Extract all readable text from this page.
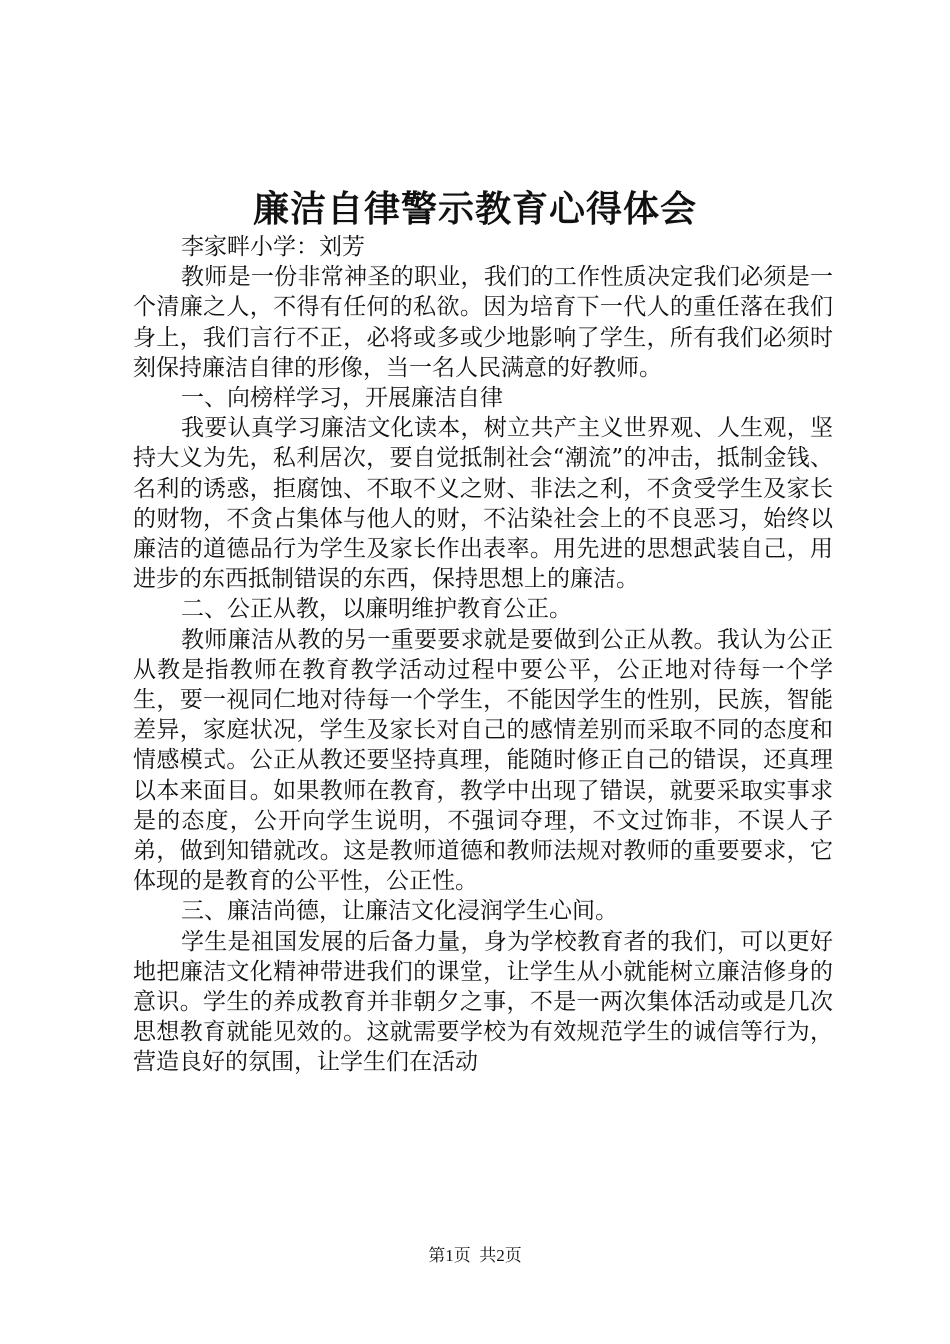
廉洁自律警示教育心得体会

李家畔小学：刘芳

教师是一份非常神圣的职业，我们的工作性质决定我们必须是一个清廉之人，不得有任何的私欲。因为培育下一代人的重任落在我们身上，我们言行不正，必将或多或少地影响了学生，所有我们必须时刻保持廉洁自律的形像，当一名人民满意的好教师。

一、向榜样学习，开展廉洁自律

我要认真学习廉洁文化读本，树立共产主义世界观、人生观，坚持大义为先，私利居次，要自觉抵制社会“潮流”的冲击，抵制金钱、名利的诱惑，拒腐蚀、不取不义之财、非法之利，不贪受学生及家长的财物，不贪占集体与他人的财，不沾染社会上的不良恶习，始终以廉洁的道德品行为学生及家长作出表率。用先进的思想武装自己，用进步的东西抵制错误的东西，保持思想上的廉洁。

二、公正从教，以廉明维护教育公正。

教师廉洁从教的另一重要要求就是要做到公正从教。我认为公正从教是指教师在教育教学活动过程中要公平，公正地对待每一个学生，要一视同仁地对待每一个学生，不能因学生的性别，民族，智能差异，家庭状况，学生及家长对自己的感情差别而采取不同的态度和情感模式。公正从教还要坚持真理，能随时修正自己的错误，还真理以本来面目。如果教师在教育，教学中出现了错误，就要采取实事求是的态度，公开向学生说明，不强词夺理，不文过饰非，不误人子弟，做到知错就改。这是教师道德和教师法规对教师的重要要求，它体现的是教育的公平性，公正性。

三、廉洁尚德，让廉洁文化浸润学生心间。

学生是祖国发展的后备力量，身为学校教育者的我们，可以更好地把廉洁文化精神带进我们的课堂，让学生从小就能树立廉洁修身的意识。学生的养成教育并非朝夕之事，不是一两次集体活动或是几次思想教育就能见效的。这就需要学校为有效规范学生的诚信等行为，营造良好的氛围，让学生们在活动

第1页  共2页
